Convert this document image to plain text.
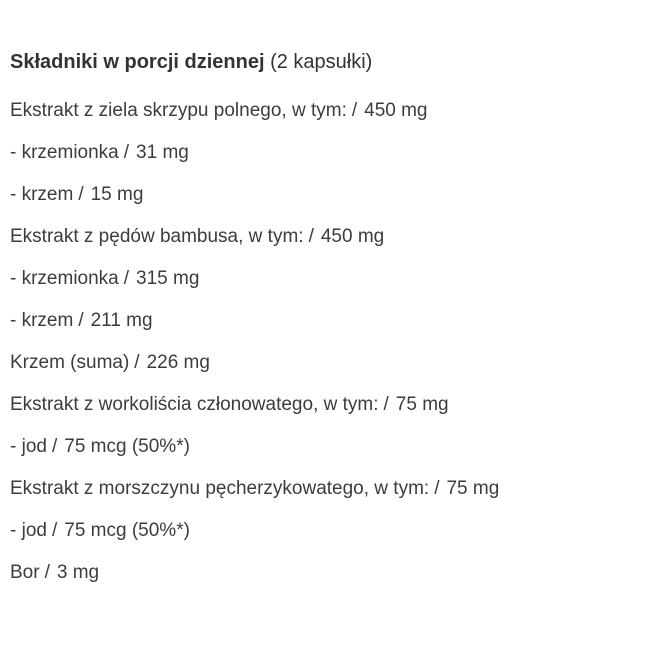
Składniki w porcji dziennej (2 kapsułki)

Ekstrakt z ziela skrzypu polnego, w tym: / 450 mg
- krzemionka / 31 mg
- krzem / 15 mg
Ekstrakt z pędów bambusa, w tym: / 450 mg
- krzemionka / 315 mg
- krzem / 211 mg
Krzem (suma) / 226 mg
Ekstrakt z workoliścia członowatego, w tym: / 75 mg
- jod / 75 mcg (50%*)
Ekstrakt z morszczynu pęcherzykowatego, w tym: / 75 mg
- jod / 75 mcg (50%*)
Bor / 3 mg
